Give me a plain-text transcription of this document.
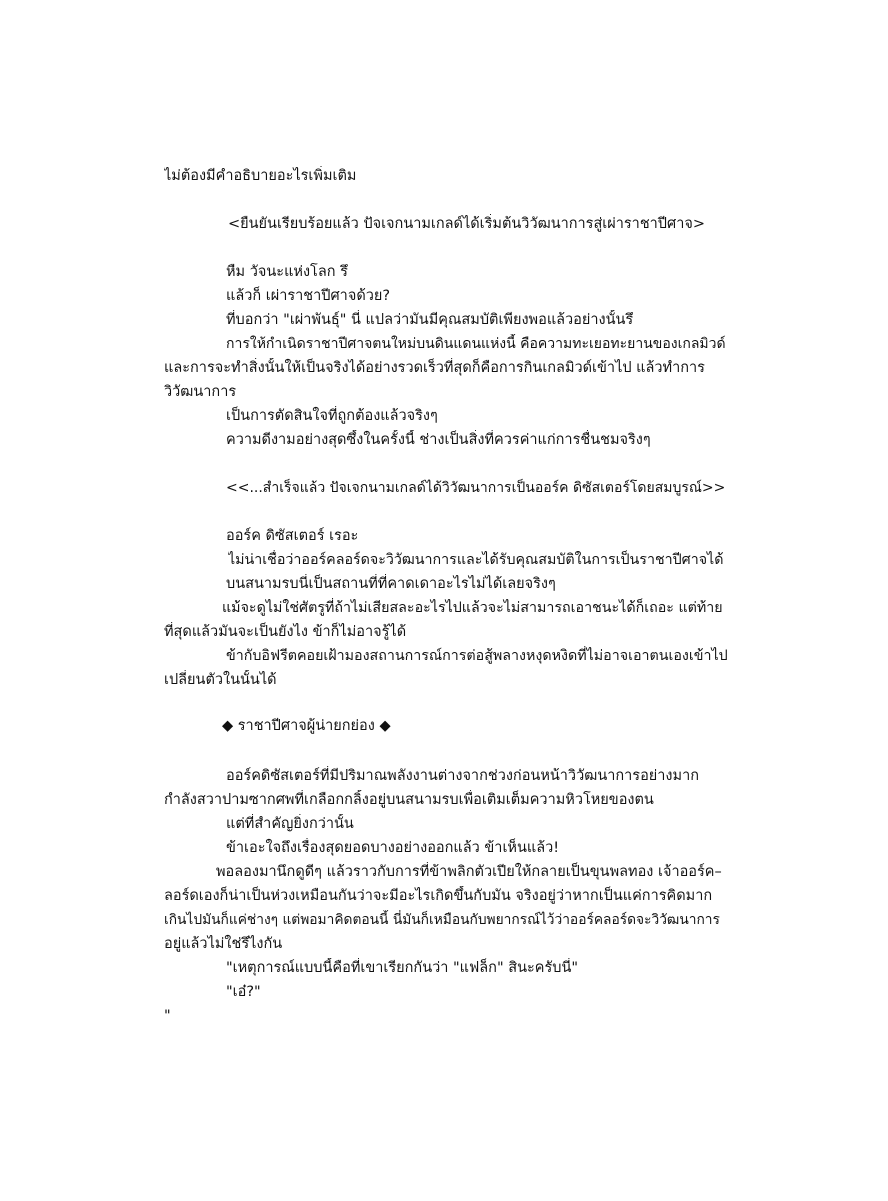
ไม่ต้องมีคำอธิบายอะไรเพิ่มเติม

<ยืนยันเรียบร้อยแล้ว ปัจเจกนามเกลด์ได้เริ่มต้นวิวัฒนาการสู่เผ่าราชาปีศาจ>

หืม วัจนะแห่งโลก รึ

แล้วก็ เผ่าราชาปีศาจด้วย?

ที่บอกว่า "เผ่าพันธุ์" นี่ แปลว่ามันมีคุณสมบัติเพียงพอแล้วอย่างนั้นรึ

การให้กำเนิดราชาปีศาจตนใหม่บนดินแดนแห่งนี้ คือความทะเยอทะยานของเกลมิวด์

และการจะทำสิ่งนั้นให้เป็นจริงได้อย่างรวดเร็วที่สุดก็คือการกินเกลมิวด์เข้าไป แล้วทำการ

วิวัฒนาการ

เป็นการตัดสินใจที่ถูกต้องแล้วจริงๆ

ความดีงามอย่างสุดซึ้งในครั้งนี้ ช่างเป็นสิ่งที่ควรค่าแก่การชื่นชมจริงๆ

<<...สำเร็จแล้ว ปัจเจกนามเกลด์ได้วิวัฒนาการเป็นออร์ค ดิซัสเตอร์โดยสมบูรณ์>>

ออร์ค ดิซัสเตอร์ เรอะ

ไม่น่าเชื่อว่าออร์คลอร์ดจะวิวัฒนาการและได้รับคุณสมบัติในการเป็นราชาปีศาจได้

บนสนามรบนี่เป็นสถานที่ที่คาดเดาอะไรไม่ได้เลยจริงๆ

แม้จะดูไม่ใช่ศัตรูที่ถ้าไม่เสียสละอะไรไปแล้วจะไม่สามารถเอาชนะได้ก็เถอะ แต่ท้าย

ที่สุดแล้วมันจะเป็นยังไง ข้าก็ไม่อาจรู้ได้

ข้ากับอิฟรีตคอยเฝ้ามองสถานการณ์การต่อสู้พลางหงุดหงิดที่ไม่อาจเอาตนเองเข้าไป

เปลี่ยนตัวในนั้นได้

◆ ราชาปีศาจผู้น่ายกย่อง ◆

ออร์คดิซัสเตอร์ที่มีปริมาณพลังงานต่างจากช่วงก่อนหน้าวิวัฒนาการอย่างมาก

กำลังสวาปามซากศพที่เกลือกกลิ้งอยู่บนสนามรบเพื่อเติมเต็มความหิวโหยของตน

แต่ที่สำคัญยิ่งกว่านั้น

ข้าเอะใจถึงเรื่องสุดยอดบางอย่างออกแล้ว ข้าเห็นแล้ว!

พอลองมานึกดูดีๆ แล้วราวกับการที่ข้าพลิกตัวเปียให้กลายเป็นขุนพลทอง เจ้าออร์ค–

ลอร์ดเองก็น่าเป็นห่วงเหมือนกันว่าจะมีอะไรเกิดขึ้นกับมัน จริงอยู่ว่าหากเป็นแค่การคิดมาก

เกินไปมันก็แค่ช่างๆ แต่พอมาคิดตอนนี้ นี่มันก็เหมือนกับพยากรณ์ไว้ว่าออร์คลอร์ดจะวิวัฒนาการ

อยู่แล้วไม่ใช่รึไงกัน

"เหตุการณ์แบบนี้คือที่เขาเรียกกันว่า "แฟล็ก" สินะครับนี่"

"เอ๋?"

"
